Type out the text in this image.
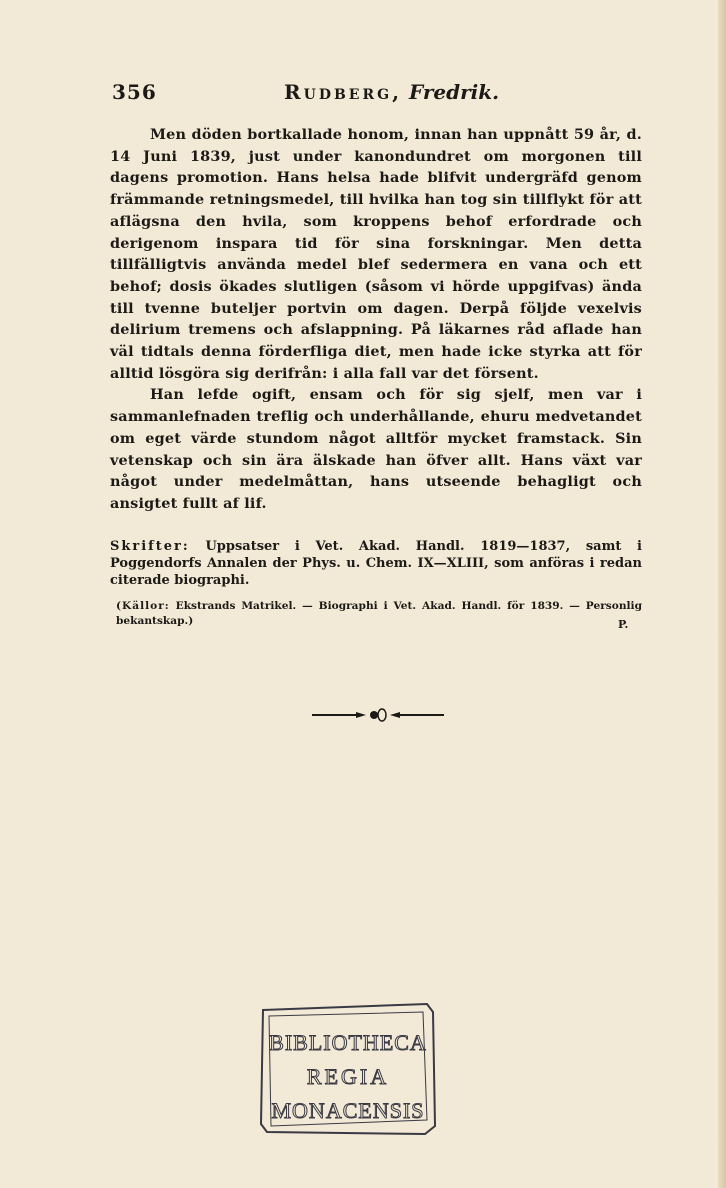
356	Rudberg, Fredrik.

Men döden bortkallade honom, innan han uppnått 59 år, d. 14 Juni 1839, just under kanondundret om morgonen till dagens promotion. Hans helsa hade blifvit undergräfd genom främmande retningsmedel, till hvilka han tog sin tillflykt för att aflägsna den hvila, som kroppens behof erfordrade och derigenom inspara tid för sina forskningar. Men detta tillfälligtvis använda medel blef sedermera en vana och ett behof; dosis ökades slutligen (såsom vi hörde uppgifvas) ända till tvenne buteljer portvin om dagen. Derpå följde vexelvis delirium tremens och afslappning. På läkarnes råd aflade han väl tidtals denna förderfliga diet, men hade icke styrka att för alltid lösgöra sig derifrån: i alla fall var det försent.

Han lefde ogift, ensam och för sig sjelf, men var i sammanlefnaden treflig och underhållande, ehuru medvetandet om eget värde stundom något alltför mycket framstack. Sin vetenskap och sin ära älskade han öfver allt. Hans växt var något under medelmåttan, hans utseende behagligt och ansigtet fullt af lif.

Skrifter: Uppsatser i Vet. Akad. Handl. 1819—1837, samt i Poggendorfs Annalen der Phys. u. Chem. IX—XLIII, som anföras i redan citerade biographi.
(Källor: Ekstrands Matrikel. — Biographi i Vet. Akad. Handl. för 1839. — Personlig bekantskap.)	P.
BIBLIOTHECA
REGIA
MONACENSIS
